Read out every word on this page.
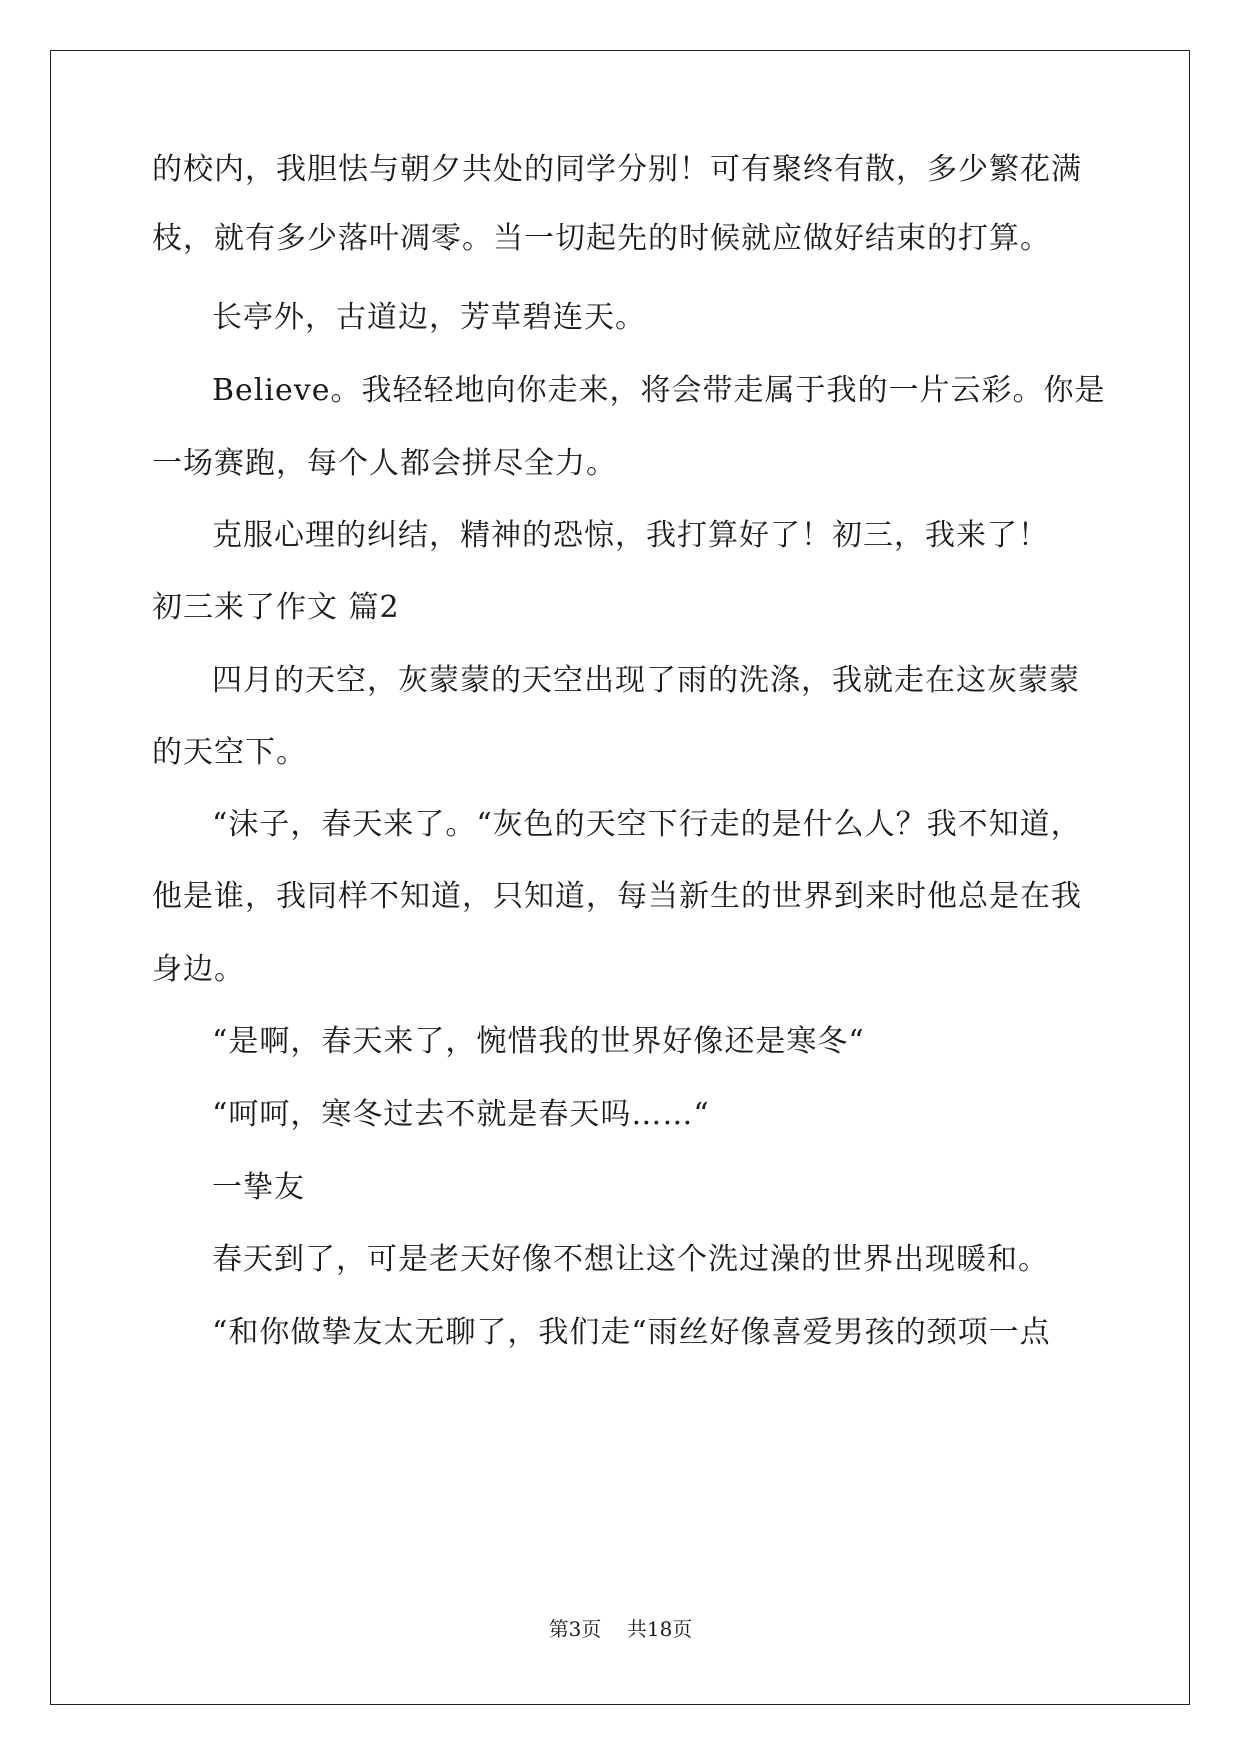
的校内，我胆怯与朝夕共处的同学分别！可有聚终有散，多少繁花满
枝，就有多少落叶凋零。当一切起先的时候就应做好结束的打算。
长亭外，古道边，芳草碧连天。
Believe。我轻轻地向你走来，将会带走属于我的一片云彩。你是
一场赛跑，每个人都会拼尽全力。
克服心理的纠结，精神的恐惊，我打算好了！初三，我来了！
初三来了作文 篇2
四月的天空，灰蒙蒙的天空出现了雨的洗涤，我就走在这灰蒙蒙
的天空下。
“沫子，春天来了。“灰色的天空下行走的是什么人？我不知道，
他是谁，我同样不知道，只知道，每当新生的世界到来时他总是在我
身边。
“是啊，春天来了，惋惜我的世界好像还是寒冬“
“呵呵，寒冬过去不就是春天吗……“
一挚友
春天到了，可是老天好像不想让这个洗过澡的世界出现暖和。
“和你做挚友太无聊了，我们走“雨丝好像喜爱男孩的颈项一点
第3页    共18页
